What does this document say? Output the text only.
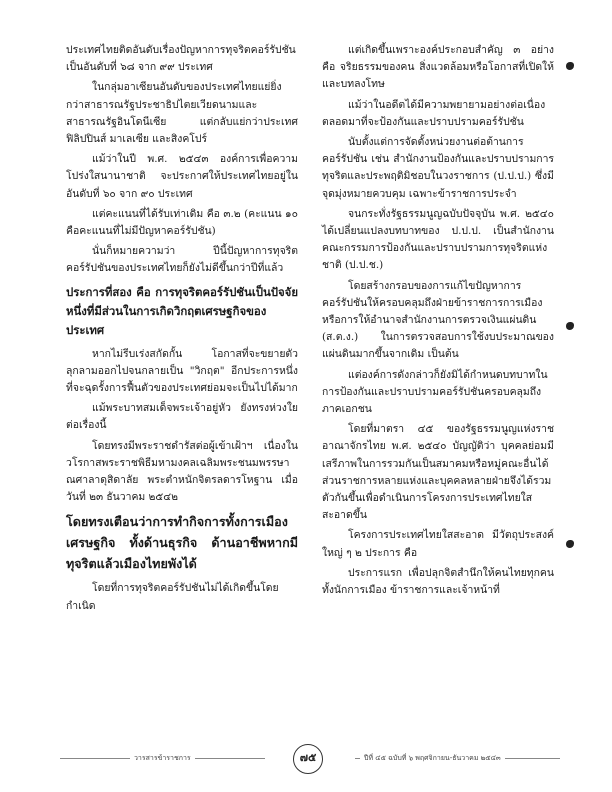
ประเทศไทยติดอันดับเรื่องปัญหาการทุจริตคอร์รัปชันเป็นอันดับที่ ๖๘ จาก ๙๙ ประเทศ

ในกลุ่มอาเซียนอันดับของประเทศไทยแย่ยิ่งกว่าสาธารณรัฐประชาธิปไตยเวียดนามและสาธารณรัฐอินโดนีเซีย แต่กลับแย่กว่าประเทศฟิลิปปินส์ มาเลเซีย และสิงคโปร์

แม้ว่าในปี พ.ศ. ๒๕๔๓ องค์การเพื่อความโปร่งใสนานาชาติ จะประกาศให้ประเทศไทยอยู่ในอันดับที่ ๖๐ จาก ๙๐ ประเทศ

แต่คะแนนที่ได้รับเท่าเดิม คือ ๓.๒ (คะแนน ๑๐ คือคะแนนที่ไม่มีปัญหาคอร์รัปชัน)

นั่นก็หมายความว่า ปีนี้ปัญหาการทุจริตคอร์รัปชันของประเทศไทยก็ยังไม่ดีขึ้นกว่าปีที่แล้ว

ประการที่สอง คือ การทุจริตคอร์รัปชันเป็นปัจจัยหนึ่งที่มีส่วนในการเกิดวิกฤตเศรษฐกิจของประเทศ

หากไม่รีบเร่งสกัดกั้น โอกาสที่จะขยายตัวลุกลามออกไปจนกลายเป็น "วิกฤต" อีกประการหนึ่งที่จะฉุดรั้งการฟื้นตัวของประเทศย่อมจะเป็นไปได้มาก

แม้พระบาทสมเด็จพระเจ้าอยู่หัว ยังทรงห่วงใยต่อเรื่องนี้

โดยทรงมีพระราชดำรัสต่อผู้เข้าเฝ้าฯ เนื่องในวโรกาสพระราชพิธีมหามงคลเฉลิมพระชนมพรรษาณศาลาดุสิดาลัย พระตำหนักจิตรลดารโหฐาน เมื่อวันที่ ๒๓ ธันวาคม ๒๕๔๒

โดยทรงเตือนว่าการทำกิจการทั้งการเมือง เศรษฐกิจ ทั้งด้านธุรกิจ ด้านอาชีพหากมีทุจริตแล้วเมืองไทยพังได้

โดยที่การทุจริตคอร์รัปชันไม่ได้เกิดขึ้นโดยกำเนิด

แต่เกิดขึ้นเพราะองค์ประกอบสำคัญ ๓ อย่าง คือ จริยธรรมของคน สิ่งแวดล้อมหรือโอกาสที่เปิดให้ และบทลงโทษ

แม้ว่าในอดีตได้มีความพยายามอย่างต่อเนื่องตลอดมาที่จะป้องกันและปราบปรามคอร์รัปชัน

นับตั้งแต่การจัดตั้งหน่วยงานต่อต้านการคอร์รัปชัน เช่น สำนักงานป้องกันและปราบปรามการทุจริตและประพฤติมิชอบในวงราชการ (ป.ป.ป.) ซึ่งมีจุดมุ่งหมายควบคุม เฉพาะข้าราชการประจำ

จนกระทั่งรัฐธรรมนูญฉบับปัจจุบัน พ.ศ. ๒๕๔๐ ได้เปลี่ยนแปลงบทบาทของ ป.ป.ป. เป็นสำนักงานคณะกรรมการป้องกันและปราบปรามการทุจริตแห่งชาติ (ป.ป.ช.)

โดยสร้างกรอบของการแก้ไขปัญหาการคอร์รัปชันให้ครอบคลุมถึงฝ่ายข้าราชการการเมือง หรือการให้อำนาจสำนักงานการตรวจเงินแผ่นดิน (ส.ต.ง.) ในการตรวจสอบการใช้งบประมาณของแผ่นดินมากขึ้นจากเดิม เป็นต้น

แต่องค์การดังกล่าวก็ยังมิได้กำหนดบทบาทในการป้องกันและปราบปรามคอร์รัปชันครอบคลุมถึงภาคเอกชน

โดยที่มาตรา ๔๕ ของรัฐธรรมนูญแห่งราชอาณาจักรไทย พ.ศ. ๒๕๔๐ บัญญัติว่า บุคคลย่อมมีเสรีภาพในการรวมกันเป็นสมาคมหรือหมู่คณะอื่นได้ ส่วนราชการหลายแห่งและบุคคลหลายฝ่ายจึงได้รวมตัวกันขึ้นเพื่อดำเนินการโครงการประเทศไทยใสสะอาดขึ้น

โครงการประเทศไทยใสสะอาด มีวัตถุประสงค์ใหญ่ ๆ ๒ ประการ คือ

ประการแรก เพื่อปลุกจิตสำนึกให้คนไทยทุกคนทั้งนักการเมือง ข้าราชการและเจ้าหน้าที่

วารสารข้าราชการ	๗๕	ปีที่ ๔๕ ฉบับที่ ๖ พฤศจิกายน-ธันวาคม ๒๕๔๓
